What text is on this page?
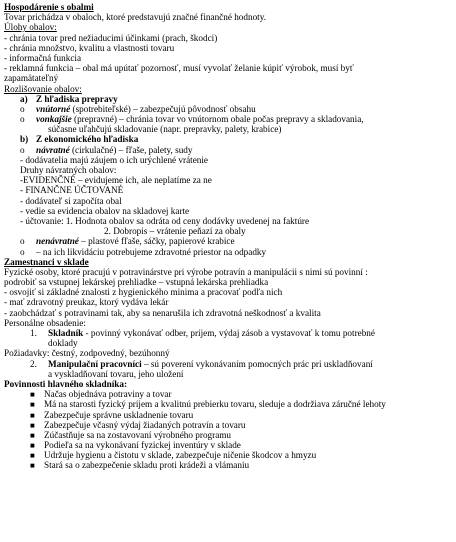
Hospodárenie s obalmi
Tovar prichádza v obaloch, ktoré predstavujú značné finančné hodnoty.
Úlohy obalov:
- chránia tovar pred nežiaducimi účinkami (prach, škodci)
- chránia množstvo, kvalitu a vlastnosti tovaru
- informačná funkcia
- reklamná funkcia – obal má upútať pozornosť, musí vyvolať želanie kúpiť výrobok, musí byť
zapamätateľný
Rozlišovanie obalov:
a) Z hľadiska prepravy
o vnútorné (spotrebiteľské) – zabezpečujú pôvodnosť obsahu
o vonkajšie (prepravné) – chránia tovar vo vnútornom obale počas prepravy a skladovania,
súčasne uľahčujú skladovanie (napr. prepravky, palety, krabice)
b) Z ekonomického hľadiska
o návratné (cirkulačné) – fľaše, palety, sudy
- dodávatelia majú záujem o ich urýchlené vrátenie
Druhy návratných obalov:
-EVIDENČNÉ – evidujeme ich, ale neplatíme za ne
- FINANČNE ÚČTOVANÉ
- dodávateľ si započíta obal
- vedie sa evidencia obalov na skladovej karte
- účtovanie: 1. Hodnota obalov sa odráta od ceny dodávky uvedenej na faktúre
2. Dobropis – vrátenie peňazí za obaly
o nenávratné – plastové fľaše, sáčky, papierové krabice
o – na ich likvidáciu potrebujeme zdravotné priestor na odpadky
Zamestnanci v sklade
Fyzické osoby, ktoré pracujú v potravinárstve pri výrobe potravín a manipulácii s nimi sú povinní :
podrobiť sa vstupnej lekárskej prehliadke – vstupná lekárska prehliadka
- osvojiť si základné znalosti z hygienického minima a pracovať podľa nich
- mať zdravotný preukaz, ktorý vydáva lekár
- zaobchádzať s potravinami tak, aby sa nenarušila ich zdravotná neškodnosť a kvalita
Personálne obsadenie:
1. Skladník - povinný vykonávať odber, príjem, výdaj zásob a vystavovať k tomu potrebné
doklady
Požiadavky: čestný, zodpovedný, bezúhonný
2. Manipulační pracovníci – sú poverení vykonávaním pomocných prác pri uskladňovaní
a vyskladňovaní tovaru, jeho uložení
Povinnosti hlavného skladníka:
■ Načas objednáva potraviny a tovar
■ Má na starosti fyzický príjem a kvalitnú prebierku tovaru, sleduje a dodržiava záručné lehoty
■ Zabezpečuje správne uskladnenie tovaru
■ Zabezpečuje včasný výdaj žiadaných potravín a tovaru
■ Zúčastňuje sa na zostavovaní výrobného programu
■ Podieľa sa na vykonávaní fyzickej inventúry v sklade
■ Udržuje hygienu a čistotu v sklade, zabezpečuje ničenie škodcov a hmyzu
■ Stará sa o zabezpečenie skladu proti krádeži a vlámaniu
